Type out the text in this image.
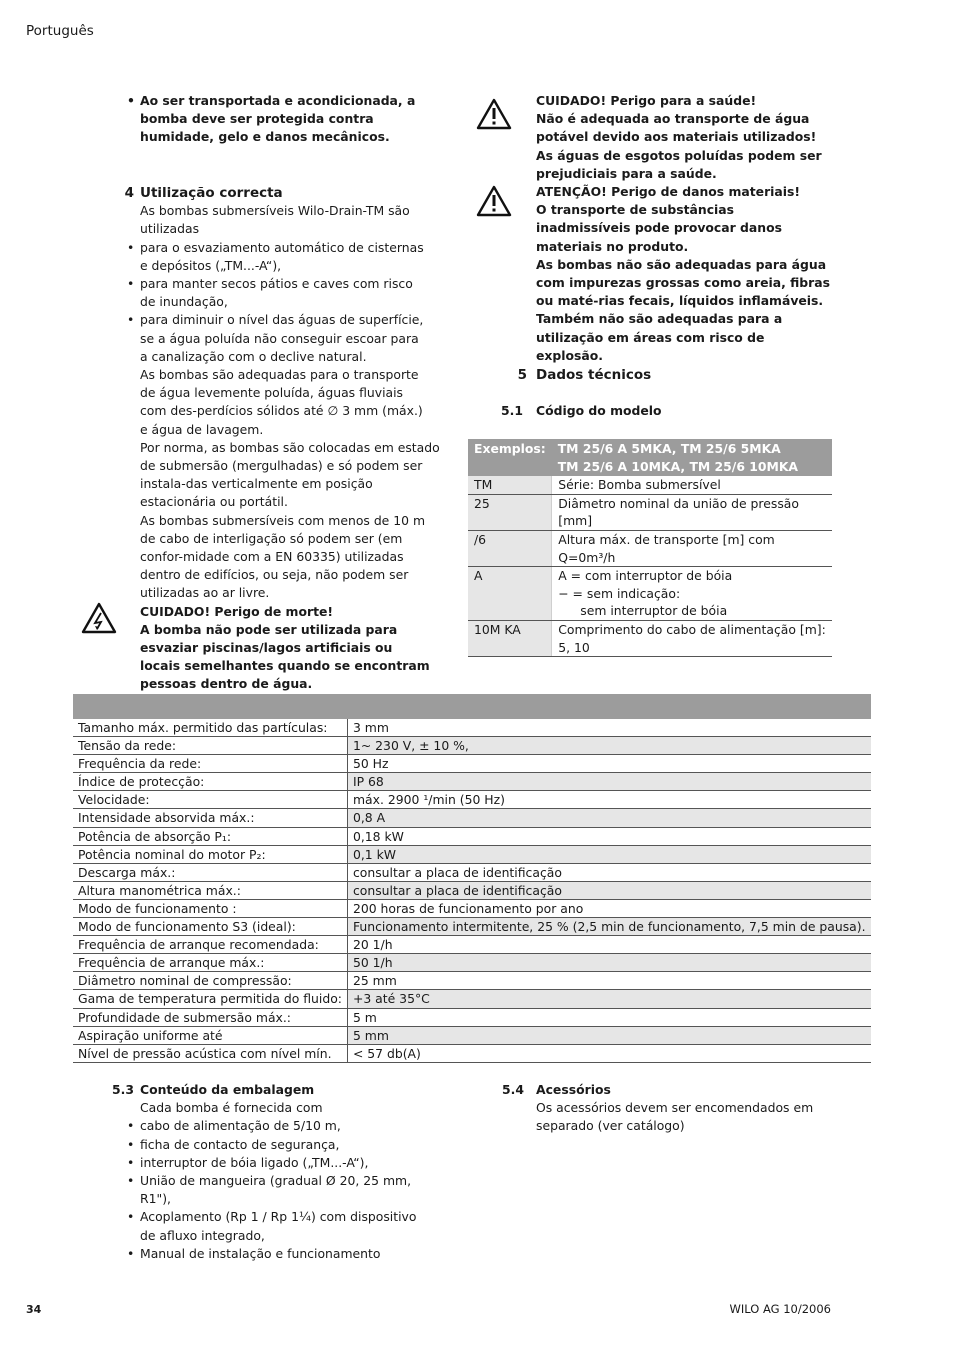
Português
• Ao ser transportada e acondicionada, a bomba deve ser protegida contra humidade, gelo e danos mecânicos.
4 Utilização correcta

As bombas submersíveis Wilo-Drain-TM são utilizadas

• para o esvaziamento automático de cisternas e depósitos („TM...-A“),
• para manter secos pátios e caves com risco de inundação,
• para diminuir o nível das águas de superfície, se a água poluída não conseguir escoar para a canalização com o declive natural.

As bombas são adequadas para o transporte de água levemente poluída, águas fluviais com des-perdícios sólidos até ∅ 3 mm (máx.) e água de lavagem.

Por norma, as bombas são colocadas em estado de submersão (mergulhadas) e só podem ser instala-das verticalmente em posição estacionária ou portátil.

As bombas submersíveis com menos de 10 m de cabo de interligação só podem ser (em confor-midade com a EN 60335) utilizadas dentro de edifícios, ou seja, não podem ser utilizadas ao ar livre.

CUIDADO! Perigo de morte!

A bomba não pode ser utilizada para esvaziar piscinas/lagos artificiais ou locais semelhantes quando se encontram pessoas dentro de água.

CUIDADO! Perigo para a saúde!

Não é adequada ao transporte de água potável devido aos materiais utilizados! As águas de esgotos poluídas podem ser prejudiciais para a saúde.

ATENÇÃO! Perigo de danos materiais!

O transporte de substâncias inadmissíveis pode provocar danos materiais no produto.

As bombas não são adequadas para água com impurezas grossas como areia, fibras ou maté-rias fecais, líquidos inflamáveis. Também não são adequadas para a utilização em áreas com risco de explosão.

5 Dados técnicos
5.1 Código do modelo
Exemplos:	TM 25/6 A 5MKA, TM 25/6 5MKA
TM 25/6 A 10MKA, TM 25/6 10MKA

TM	Série: Bomba submersível
25	Diâmetro nominal da união de pressão [mm]
/6	Altura máx. de transporte [m] com Q=0m³/h
A	A = com interruptor de bóia
− = sem indicação:
sem interruptor de bóia

10M KA	Comprimento do cabo de alimentação [m]:
5, 10

Tamanho máx. permitido das partículas:	3 mm
Tensão da rede:	1~ 230 V, ± 10 %,
Frequência da rede:	50 Hz
Índice de protecção:	IP 68
Velocidade:	máx. 2900 ¹/min (50 Hz)
Intensidade absorvida máx.:	0,8 A
Potência de absorção P₁:	0,18 kW
Potência nominal do motor P₂:	0,1 kW
Descarga máx.:	consultar a placa de identificação
Altura manométrica máx.:	consultar a placa de identificação
Modo de funcionamento :	200 horas de funcionamento por ano
Modo de funcionamento S3 (ideal):	Funcionamento intermitente, 25 % (2,5 min de funcionamento, 7,5 min de pausa).
Frequência de arranque recomendada:	20 1/h
Frequência de arranque máx.:	50 1/h
Diâmetro nominal de compressão:	25 mm
Gama de temperatura permitida do fluido:	+3 até 35°C
Profundidade de submersão máx.:	5 m
Aspiração uniforme até	5 mm
Nível de pressão acústica com nível mín.	< 57 db(A)
5.3 Conteúdo da embalagem

Cada bomba é fornecida com

• cabo de alimentação de 5/10 m,
• ficha de contacto de segurança,
• interruptor de bóia ligado („TM...-A“),
• União de mangueira (gradual Ø 20, 25 mm, R1"),
• Acoplamento (Rp 1 / Rp 1¼) com dispositivo de afluxo integrado,
• Manual de instalação e funcionamento
5.4 Acessórios

Os acessórios devem ser encomendados em separado (ver catálogo)

34	WILO AG 10/2006
